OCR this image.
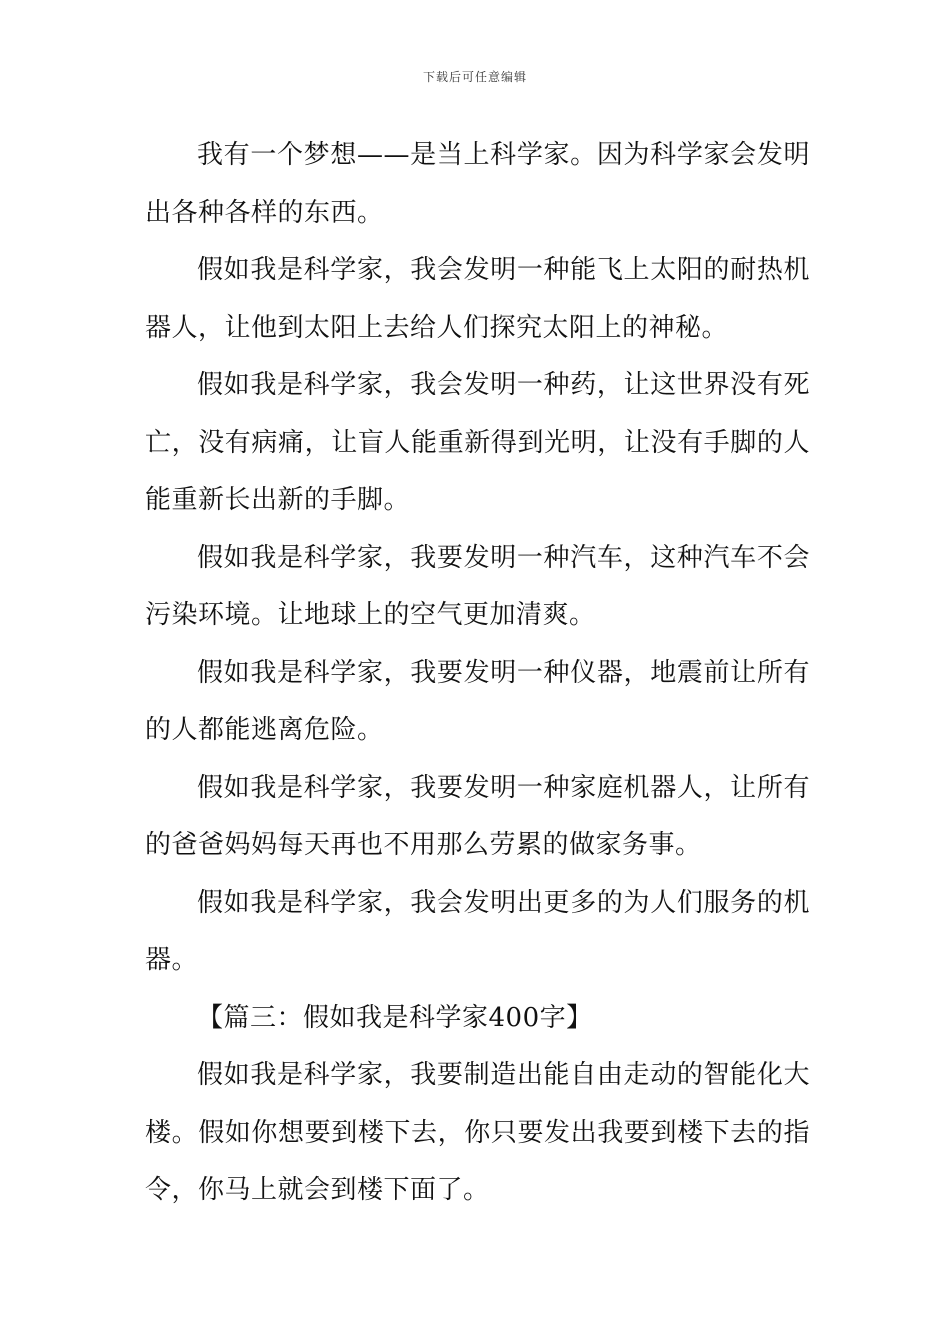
下载后可任意编辑

我有一个梦想——是当上科学家。因为科学家会发明出各种各样的东西。

假如我是科学家，我会发明一种能飞上太阳的耐热机器人，让他到太阳上去给人们探究太阳上的神秘。

假如我是科学家，我会发明一种药，让这世界没有死亡，没有病痛，让盲人能重新得到光明，让没有手脚的人能重新长出新的手脚。

假如我是科学家，我要发明一种汽车，这种汽车不会污染环境。让地球上的空气更加清爽。

假如我是科学家，我要发明一种仪器，地震前让所有的人都能逃离危险。

假如我是科学家，我要发明一种家庭机器人，让所有的爸爸妈妈每天再也不用那么劳累的做家务事。

假如我是科学家，我会发明出更多的为人们服务的机器。

【篇三：假如我是科学家400字】

假如我是科学家，我要制造出能自由走动的智能化大楼。假如你想要到楼下去，你只要发出我要到楼下去的指令，你马上就会到楼下面了。
